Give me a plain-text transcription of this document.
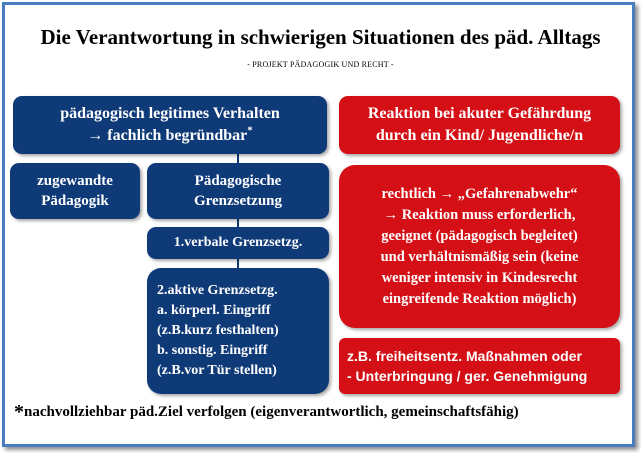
Die Verantwortung in schwierigen Situationen des päd. Alltags
- PROJEKT PÄDAGOGIK UND RECHT -
pädagogisch legitimes Verhalten
→ fachlich begründbar*
zugewandte
Pädagogik
Pädagogische
Grenzsetzung
1.verbale Grenzsetzg.
2.aktive Grenzsetzg.
a. körperl. Eingriff
(z.B.kurz festhalten)
b. sonstig. Eingriff
(z.B.vor Tür stellen)
Reaktion bei akuter Gefährdung
durch ein Kind/ Jugendliche/n
rechtlich → „Gefahrenabwehr“
→ Reaktion muss erforderlich,
geeignet (pädagogisch begleitet)
und verhältnismäßig sein (keine
weniger intensiv in Kindesrecht
eingreifende Reaktion möglich)
z.B. freiheitsentz. Maßnahmen oder
- Unterbringung / ger. Genehmigung
*nachvollziehbar päd.Ziel verfolgen (eigenverantwortlich, gemeinschaftsfähig)
